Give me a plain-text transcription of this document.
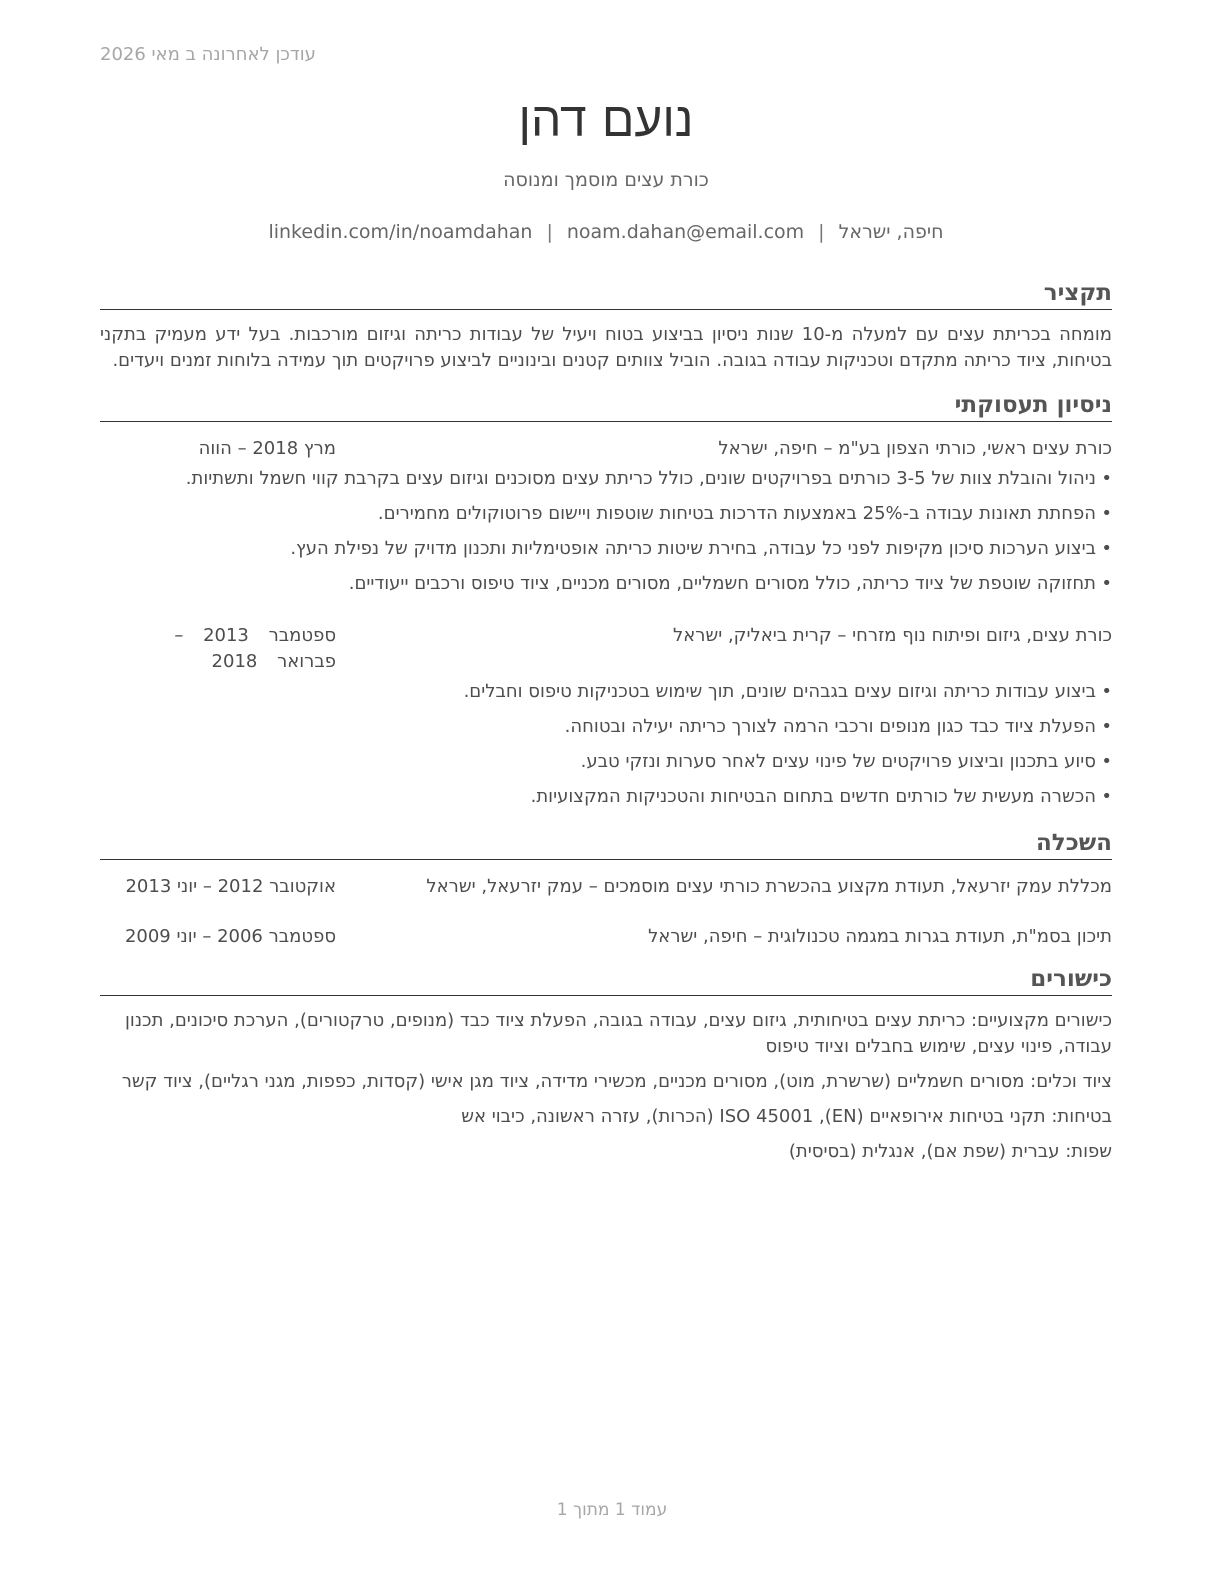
עודכן לאחרונה ב מאי 2026
נועם דהן
כורת עצים מוסמך ומנוסה
חיפה, ישראל|noam.dahan@email.com|linkedin.com/in/noamdahan
תקציר

מומחה בכריתת עצים עם למעלה מ-10 שנות ניסיון בביצוע בטוח ויעיל של עבודות כריתה וגיזום מורכבות. בעל ידע מעמיק בתקני בטיחות, ציוד כריתה מתקדם וטכניקות עבודה בגובה. הוביל צוותים קטנים ובינוניים לביצוע פרויקטים תוך עמידה בלוחות זמנים ויעדים.

ניסיון תעסוקתי
כורת עצים ראשי, כורתי הצפון בע"מ – חיפה, ישראל
מרץ 2018 – הווה
• ניהול והובלת צוות של 3-5 כורתים בפרויקטים שונים, כולל כריתת עצים מסוכנים וגיזום עצים בקרבת קווי חשמל ותשתיות.
• הפחתת תאונות עבודה ב-25% באמצעות הדרכות בטיחות שוטפות ויישום פרוטוקולים מחמירים.
• ביצוע הערכות סיכון מקיפות לפני כל עבודה, בחירת שיטות כריתה אופטימליות ותכנון מדויק של נפילת העץ.
• תחזוקה שוטפת של ציוד כריתה, כולל מסורים חשמליים, מסורים מכניים, ציוד טיפוס ורכבים ייעודיים.
כורת עצים, גיזום ופיתוח נוף מזרחי – קרית ביאליק, ישראל
ספטמבר 2013 – פברואר 2018
• ביצוע עבודות כריתה וגיזום עצים בגבהים שונים, תוך שימוש בטכניקות טיפוס וחבלים.
• הפעלת ציוד כבד כגון מנופים ורכבי הרמה לצורך כריתה יעילה ובטוחה.
• סיוע בתכנון וביצוע פרויקטים של פינוי עצים לאחר סערות ונזקי טבע.
• הכשרה מעשית של כורתים חדשים בתחום הבטיחות והטכניקות המקצועיות.
השכלה
מכללת עמק יזרעאל, תעודת מקצוע בהכשרת כורתי עצים מוסמכים – עמק יזרעאל, ישראל
אוקטובר 2012 – יוני 2013
תיכון בסמ"ת, תעודת בגרות במגמה טכנולוגית – חיפה, ישראל
ספטמבר 2006 – יוני 2009
כישורים

כישורים מקצועיים: כריתת עצים בטיחותית, גיזום עצים, עבודה בגובה, הפעלת ציוד כבד (מנופים, טרקטורים), הערכת סיכונים, תכנון עבודה, פינוי עצים, שימוש בחבלים וציוד טיפוס

ציוד וכלים: מסורים חשמליים (שרשרת, מוט), מסורים מכניים, מכשירי מדידה, ציוד מגן אישי (קסדות, כפפות, מגני רגליים), ציוד קשר

בטיחות: תקני בטיחות אירופאיים (EN), ISO 45001 (הכרות), עזרה ראשונה, כיבוי אש

שפות: עברית (שפת אם), אנגלית (בסיסית)

עמוד 1 מתוך 1
